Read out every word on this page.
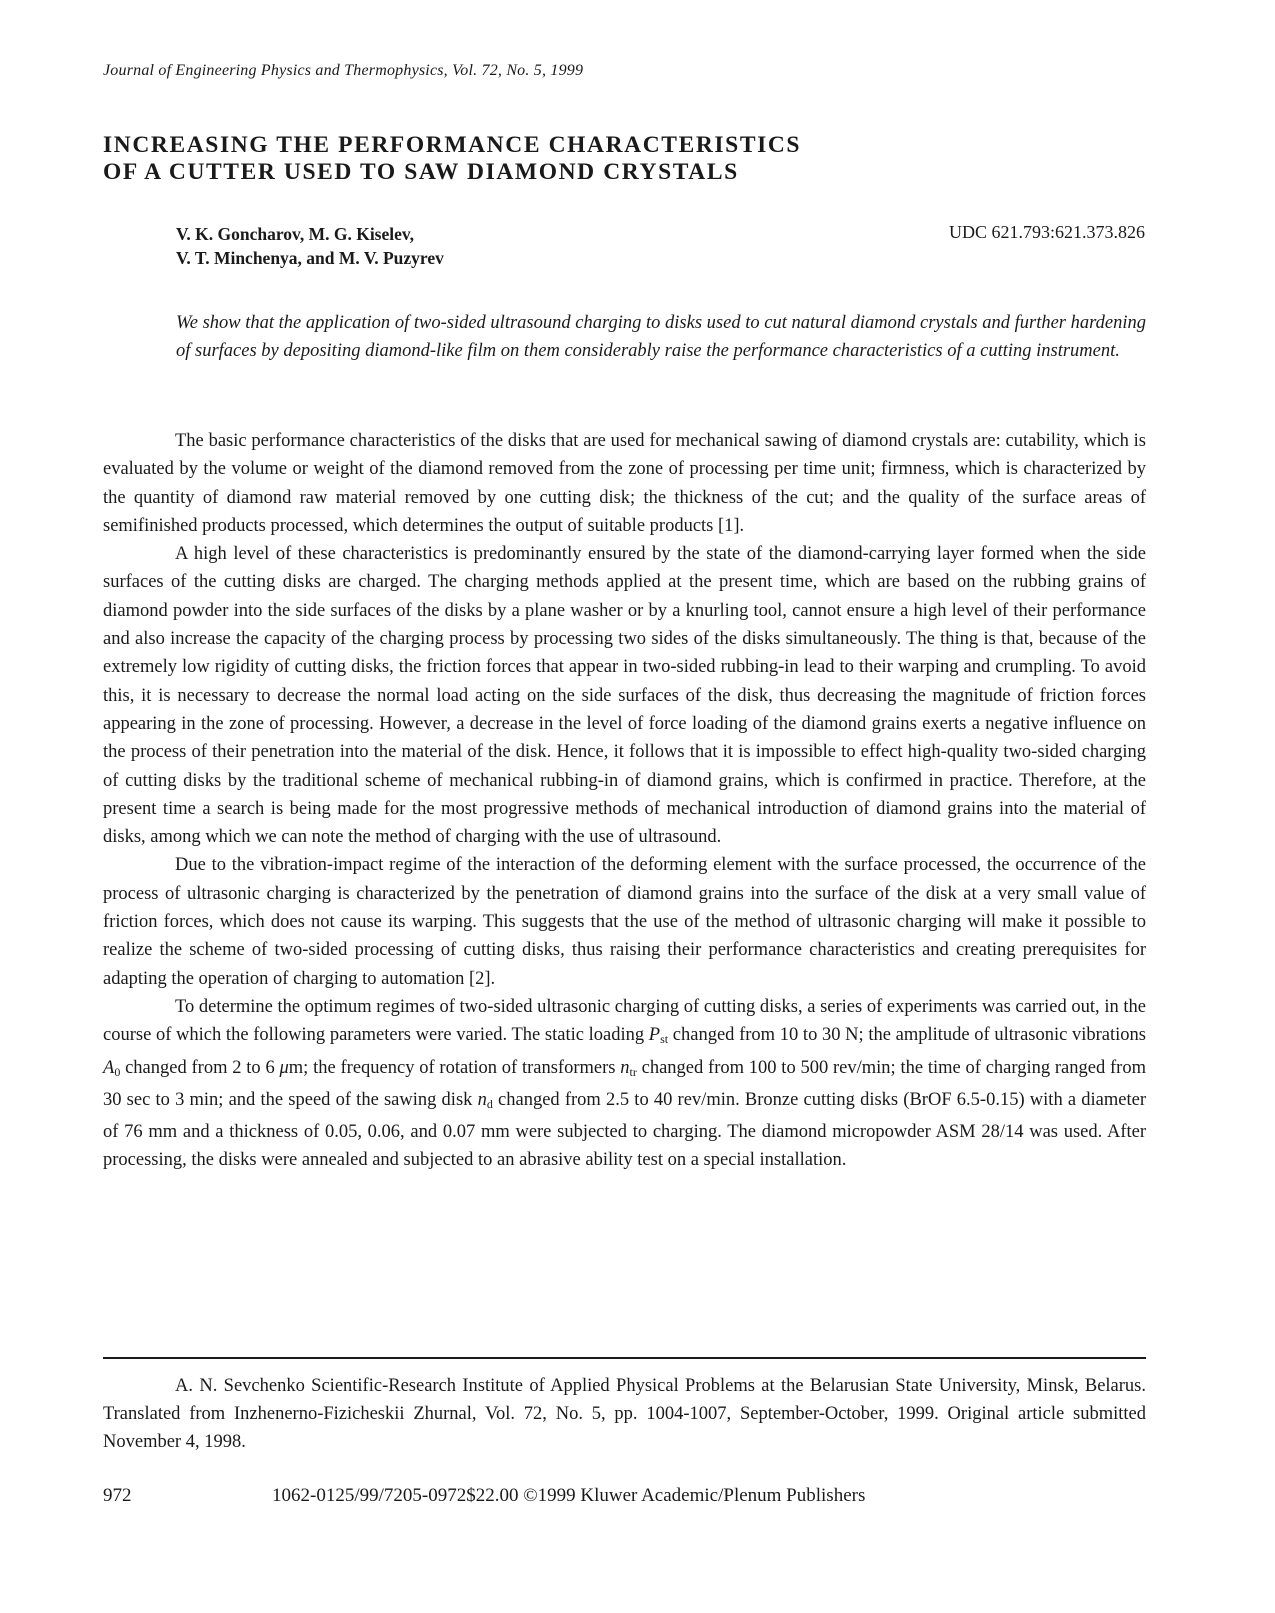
Journal of Engineering Physics and Thermophysics, Vol. 72, No. 5, 1999
INCREASING THE PERFORMANCE CHARACTERISTICS
OF A CUTTER USED TO SAW DIAMOND CRYSTALS
V. K. Goncharov, M. G. Kiselev,
V. T. Minchenya, and M. V. Puzyrev
UDC 621.793:621.373.826

We show that the application of two-sided ultrasound charging to disks used to cut natural diamond crystals and further hardening of surfaces by depositing diamond-like film on them considerably raise the performance characteristics of a cutting instrument.

The basic performance characteristics of the disks that are used for mechanical sawing of diamond crystals are: cutability, which is evaluated by the volume or weight of the diamond removed from the zone of processing per time unit; firmness, which is characterized by the quantity of diamond raw material removed by one cutting disk; the thickness of the cut; and the quality of the surface areas of semifinished products processed, which determines the output of suitable products [1].

A high level of these characteristics is predominantly ensured by the state of the diamond-carrying layer formed when the side surfaces of the cutting disks are charged. The charging methods applied at the present time, which are based on the rubbing grains of diamond powder into the side surfaces of the disks by a plane washer or by a knurling tool, cannot ensure a high level of their performance and also increase the capacity of the charging process by processing two sides of the disks simultaneously. The thing is that, because of the extremely low rigidity of cutting disks, the friction forces that appear in two-sided rubbing-in lead to their warping and crumpling. To avoid this, it is necessary to decrease the normal load acting on the side surfaces of the disk, thus decreasing the magnitude of friction forces appearing in the zone of processing. However, a decrease in the level of force loading of the diamond grains exerts a negative influence on the process of their penetration into the material of the disk. Hence, it follows that it is impossible to effect high-quality two-sided charging of cutting disks by the traditional scheme of mechanical rubbing-in of diamond grains, which is confirmed in practice. Therefore, at the present time a search is being made for the most progressive methods of mechanical introduction of diamond grains into the material of disks, among which we can note the method of charging with the use of ultrasound.

Due to the vibration-impact regime of the interaction of the deforming element with the surface processed, the occurrence of the process of ultrasonic charging is characterized by the penetration of diamond grains into the surface of the disk at a very small value of friction forces, which does not cause its warping. This suggests that the use of the method of ultrasonic charging will make it possible to realize the scheme of two-sided processing of cutting disks, thus raising their performance characteristics and creating prerequisites for adapting the operation of charging to automation [2].

To determine the optimum regimes of two-sided ultrasonic charging of cutting disks, a series of experiments was carried out, in the course of which the following parameters were varied. The static loading $P_{st}$ changed from 10 to 30 N; the amplitude of ultrasonic vibrations $A_0$ changed from 2 to 6 μm; the frequency of rotation of transformers $n_{tr}$ changed from 100 to 500 rev/min; the time of charging ranged from 30 sec to 3 min; and the speed of the sawing disk $n_d$ changed from 2.5 to 40 rev/min. Bronze cutting disks (BrOF 6.5-0.15) with a diameter of 76 mm and a thickness of 0.05, 0.06, and 0.07 mm were subjected to charging. The diamond micropowder ASM 28/14 was used. After processing, the disks were annealed and subjected to an abrasive ability test on a special installation.

A. N. Sevchenko Scientific-Research Institute of Applied Physical Problems at the Belarusian State University, Minsk, Belarus. Translated from Inzhenerno-Fizicheskii Zhurnal, Vol. 72, No. 5, pp. 1004-1007, September-October, 1999. Original article submitted November 4, 1998.

972	1062-0125/99/7205-0972$22.00 ©1999 Kluwer Academic/Plenum Publishers
